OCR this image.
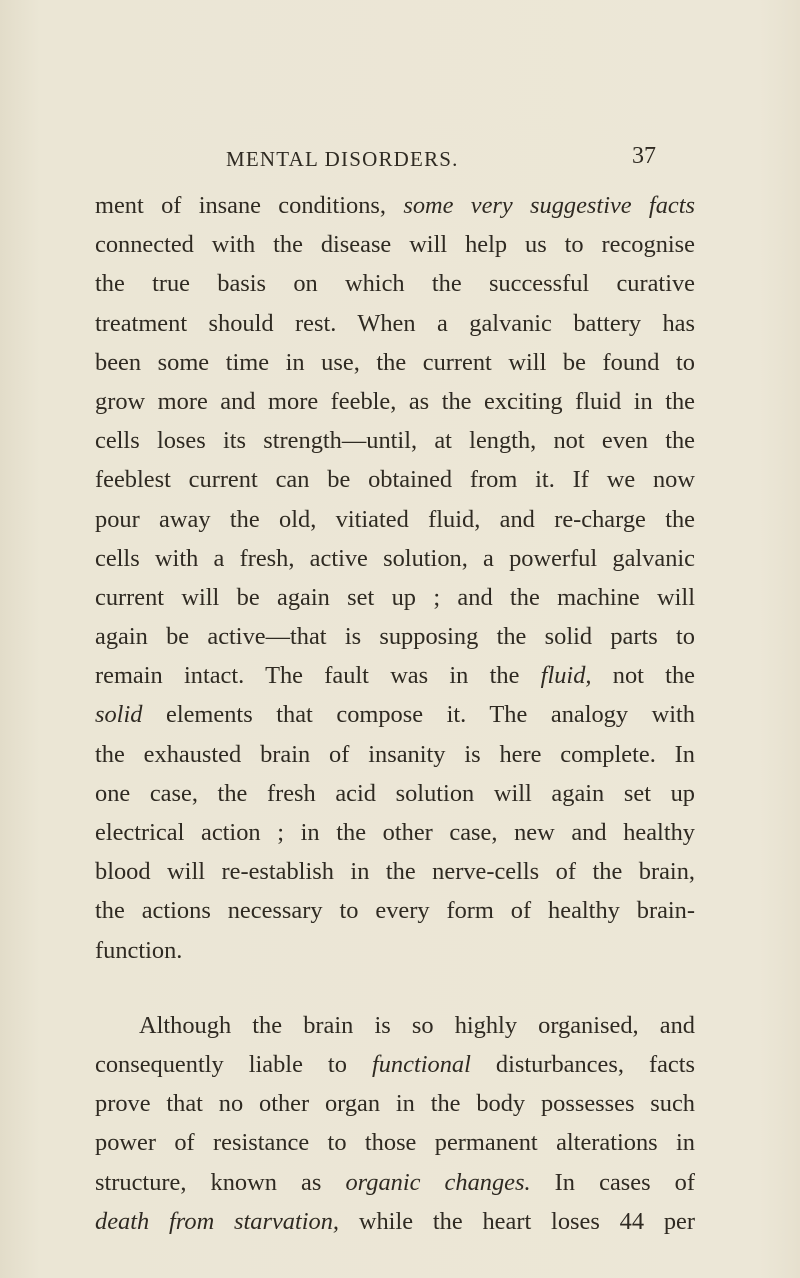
MENTAL DISORDERS.	37
ment of insane conditions, some very suggestive facts
connected with the disease will help us to recognise
the true basis on which the successful curative
treatment should rest. When a galvanic battery has
been some time in use, the current will be found to
grow more and more feeble, as the exciting fluid in the
cells loses its strength—until, at length, not even the
feeblest current can be obtained from it. If we now
pour away the old, vitiated fluid, and re-charge the
cells with a fresh, active solution, a powerful galvanic
current will be again set up ; and the machine will
again be active—that is supposing the solid parts to
remain intact. The fault was in the fluid, not the
solid elements that compose it. The analogy with
the exhausted brain of insanity is here complete. In
one case, the fresh acid solution will again set up
electrical action ; in the other case, new and healthy
blood will re-establish in the nerve-cells of the brain,
the actions necessary to every form of healthy brain-
function.
Although the brain is so highly organised, and
consequently liable to functional disturbances, facts
prove that no other organ in the body possesses such
power of resistance to those permanent alterations in
structure, known as organic changes. In cases of
death from starvation, while the heart loses 44 per
